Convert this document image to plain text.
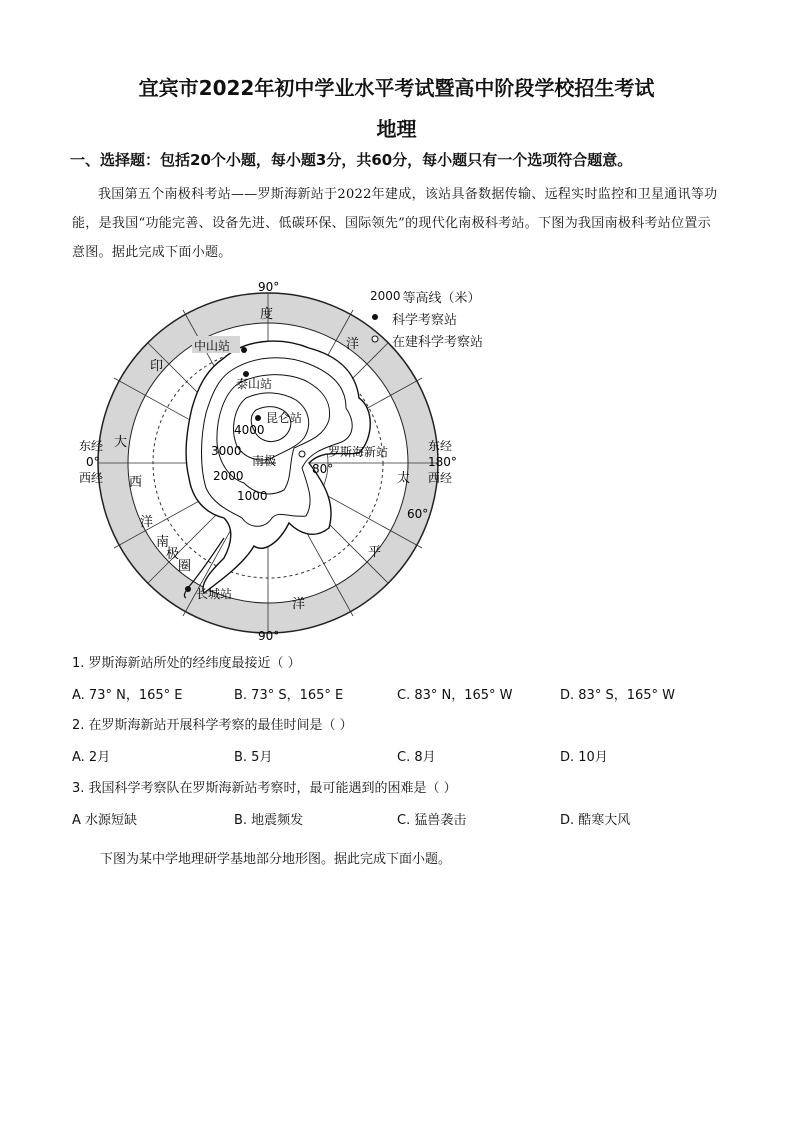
宜宾市2022年初中学业水平考试暨高中阶段学校招生考试
地理
一、选择题：包括20个小题，每小题3分，共60分，每小题只有一个选项符合题意。
我国第五个南极科考站——罗斯海新站于2022年建成，该站具备数据传输、远程实时监控和卫星通讯等功能，是我国“功能完善、设备先进、低碳环保、国际领先”的现代化南极科考站。下图为我国南极科考站位置示意图。据此完成下面小题。
90°
90°
东经
0°
西经
东经
180°
西经
80°
60°
度
印
大
西
洋
洋
太
平
洋
南
极
圈
4000
3000
2000
1000
南极
中山站
泰山站
昆仑站
罗斯海新站
长城站
2000 等高线（米）
科学考察站
在建科学考察站
1. 罗斯海新站所处的经纬度最接近（ ）
A. 73° N，165° E	B. 73° S，165° E	C. 83° N，165° W	D. 83° S，165° W
2. 在罗斯海新站开展科学考察的最佳时间是（ ）
A. 2月	B. 5月	C. 8月	D. 10月
3. 我国科学考察队在罗斯海新站考察时，最可能遇到的困难是（ ）
A 水源短缺	B. 地震频发	C. 猛兽袭击	D. 酷寒大风
下图为某中学地理研学基地部分地形图。据此完成下面小题。
